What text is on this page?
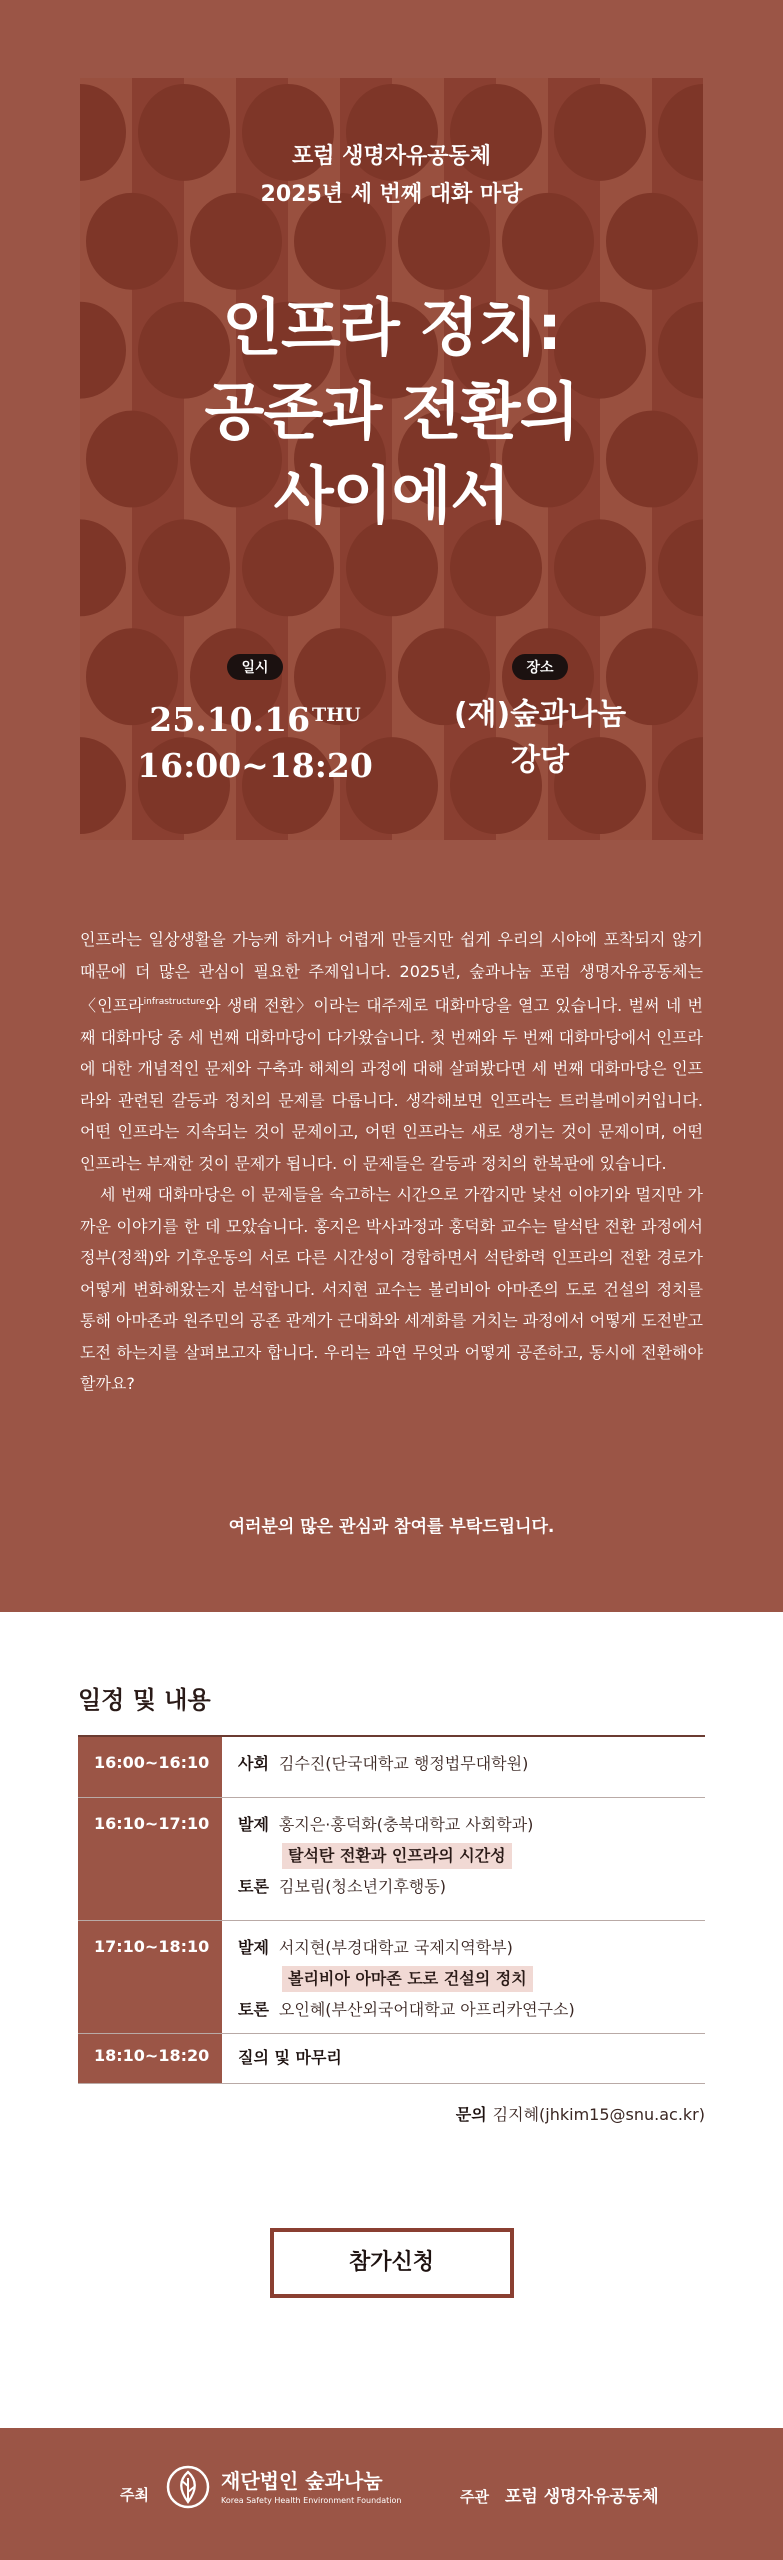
포럼 생명자유공동체
2025년 세 번째 대화 마당
인프라 정치:
공존과 전환의
사이에서
일시
25.10.16 $^{THU}$
16:00~18:20
장소
(재)숲과나눔
강당

인프라는 일상생활을 가능케 하거나 어렵게 만들지만 쉽게 우리의 시야에 포착되지 않기 때문에 더 많은 관심이 필요한 주제입니다. 2025년, 숲과나눔 포럼 생명자유공동체는 〈인프라$^{infrastructure}$와 생태 전환〉이라는 대주제로 대화마당을 열고 있습니다. 벌써 네 번째 대화마당 중 세 번째 대화마당이 다가왔습니다. 첫 번째와 두 번째 대화마당에서 인프라에 대한 개념적인 문제와 구축과 해체의 과정에 대해 살펴봤다면 세 번째 대화마당은 인프라와 관련된 갈등과 정치의 문제를 다룹니다. 생각해보면 인프라는 트러블메이커입니다. 어떤 인프라는 지속되는 것이 문제이고, 어떤 인프라는 새로 생기는 것이 문제이며, 어떤 인프라는 부재한 것이 문제가 됩니다. 이 문제들은 갈등과 정치의 한복판에 있습니다.

세 번째 대화마당은 이 문제들을 숙고하는 시간으로 가깝지만 낯선 이야기와 멀지만 가까운 이야기를 한 데 모았습니다. 홍지은 박사과정과 홍덕화 교수는 탈석탄 전환 과정에서 정부(정책)와 기후운동의 서로 다른 시간성이 경합하면서 석탄화력 인프라의 전환 경로가 어떻게 변화해왔는지 분석합니다. 서지현 교수는 볼리비아 아마존의 도로 건설의 정치를 통해 아마존과 원주민의 공존 관계가 근대화와 세계화를 거치는 과정에서 어떻게 도전받고 도전 하는지를 살펴보고자 합니다. 우리는 과연 무엇과 어떻게 공존하고, 동시에 전환해야 할까요?

여러분의 많은 관심과 참여를 부탁드립니다.
일정 및 내용
16:00~16:10	사회 김수진(단국대학교 행정법무대학원)
16:10~17:10	발제 홍지은·홍덕화(충북대학교 사회학과)
탈석탄 전환과 인프라의 시간성
토론 김보림(청소년기후행동)
17:10~18:10	발제 서지현(부경대학교 국제지역학부)
볼리비아 아마존 도로 건설의 정치
토론 오인혜(부산외국어대학교 아프리카연구소)
18:10~18:20	질의 및 마무리
문의 김지혜(jhkim15@snu.ac.kr)
참가신청
주최
재단법인 숲과나눔
Korea Safety Health Environment Foundation	주관 포럼 생명자유공동체
